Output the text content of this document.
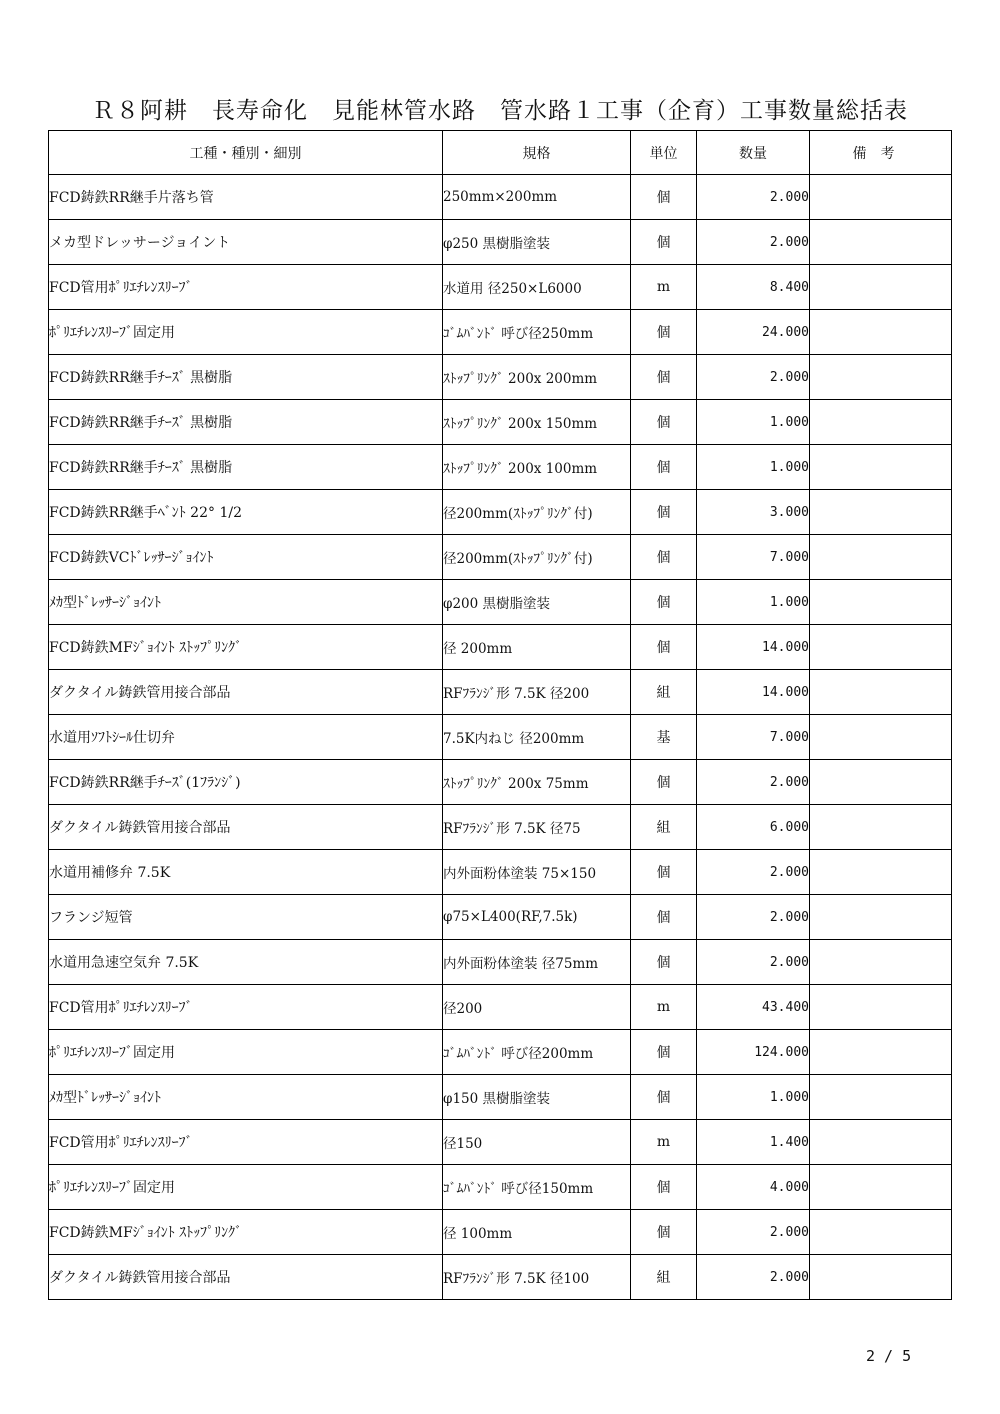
Ｒ８阿耕　長寿命化　見能林管水路　管水路１工事（企育）工事数量総括表
工種・種別・細別	規格	単位	数量	備考
FCD鋳鉄RR継手片落ち管	250mm×200mm	個	2.000	
メカ型ドレッサージョイント	φ250 黒樹脂塗装	個	2.000	
FCD管用ﾎﾟﾘｴﾁﾚﾝｽﾘｰﾌﾞ	水道用 径250×L6000	m	8.400	
ﾎﾟﾘｴﾁﾚﾝｽﾘｰﾌﾞ固定用	ｺﾞﾑﾊﾞﾝﾄﾞ 呼び径250mm	個	24.000	
FCD鋳鉄RR継手ﾁｰｽﾞ 黒樹脂	ｽﾄｯﾌﾟﾘﾝｸﾞ 200x 200mm	個	2.000	
FCD鋳鉄RR継手ﾁｰｽﾞ 黒樹脂	ｽﾄｯﾌﾟﾘﾝｸﾞ 200x 150mm	個	1.000	
FCD鋳鉄RR継手ﾁｰｽﾞ 黒樹脂	ｽﾄｯﾌﾟﾘﾝｸﾞ 200x 100mm	個	1.000	
FCD鋳鉄RR継手ﾍﾞﾝﾄ 22° 1/2	径200mm(ｽﾄｯﾌﾟﾘﾝｸﾞ付)	個	3.000	
FCD鋳鉄VCﾄﾞﾚｯｻｰｼﾞｮｲﾝﾄ	径200mm(ｽﾄｯﾌﾟﾘﾝｸﾞ付)	個	7.000	
ﾒｶ型ﾄﾞﾚｯｻｰｼﾞｮｲﾝﾄ	φ200 黒樹脂塗装	個	1.000	
FCD鋳鉄MFｼﾞｮｲﾝﾄ ｽﾄｯﾌﾟﾘﾝｸﾞ	径 200mm	個	14.000	
ダクタイル鋳鉄管用接合部品	RFﾌﾗﾝｼﾞ形 7.5K 径200	組	14.000	
水道用ｿﾌﾄｼｰﾙ仕切弁	7.5K内ねじ 径200mm	基	7.000	
FCD鋳鉄RR継手ﾁｰｽﾞ(1ﾌﾗﾝｼﾞ)	ｽﾄｯﾌﾟﾘﾝｸﾞ 200x 75mm	個	2.000	
ダクタイル鋳鉄管用接合部品	RFﾌﾗﾝｼﾞ形 7.5K 径75	組	6.000	
水道用補修弁 7.5K	内外面粉体塗装 75×150	個	2.000	
フランジ短管	φ75×L400(RF,7.5k)	個	2.000	
水道用急速空気弁 7.5K	内外面粉体塗装 径75mm	個	2.000	
FCD管用ﾎﾟﾘｴﾁﾚﾝｽﾘｰﾌﾞ	径200	m	43.400	
ﾎﾟﾘｴﾁﾚﾝｽﾘｰﾌﾞ固定用	ｺﾞﾑﾊﾞﾝﾄﾞ 呼び径200mm	個	124.000	
ﾒｶ型ﾄﾞﾚｯｻｰｼﾞｮｲﾝﾄ	φ150 黒樹脂塗装	個	1.000	
FCD管用ﾎﾟﾘｴﾁﾚﾝｽﾘｰﾌﾞ	径150	m	1.400	
ﾎﾟﾘｴﾁﾚﾝｽﾘｰﾌﾞ固定用	ｺﾞﾑﾊﾞﾝﾄﾞ 呼び径150mm	個	4.000	
FCD鋳鉄MFｼﾞｮｲﾝﾄ ｽﾄｯﾌﾟﾘﾝｸﾞ	径 100mm	個	2.000	
ダクタイル鋳鉄管用接合部品	RFﾌﾗﾝｼﾞ形 7.5K 径100	組	2.000	
2 / 5
